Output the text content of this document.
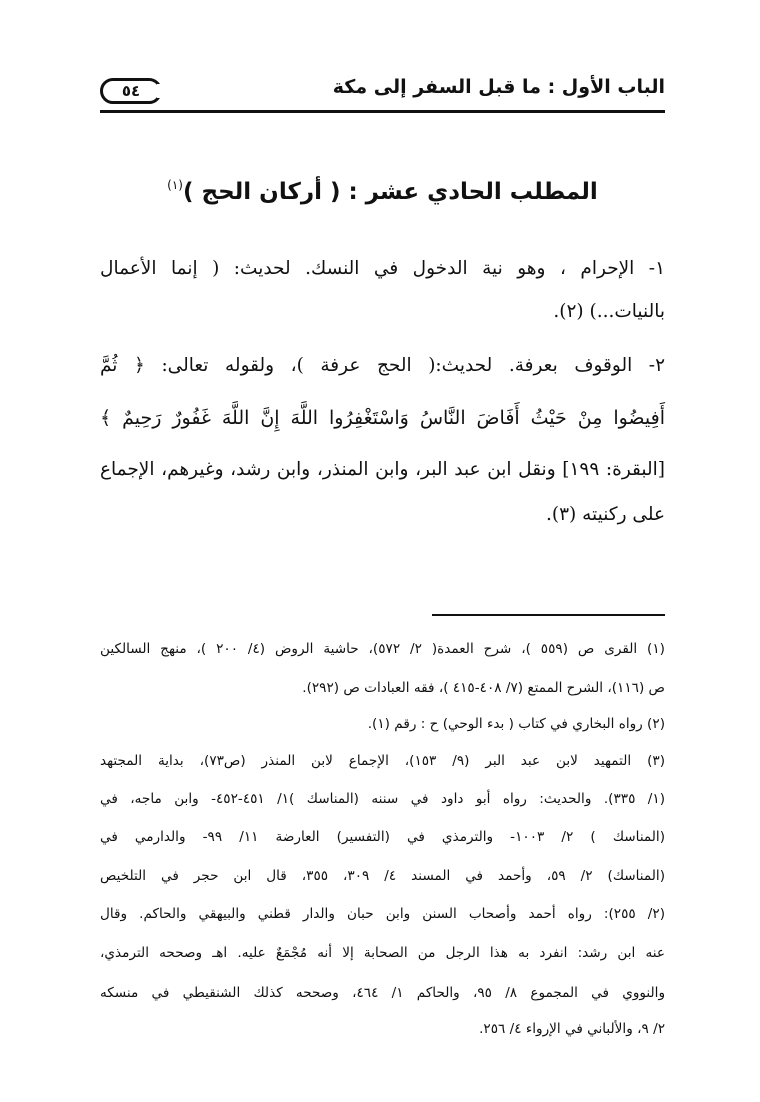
الباب الأول : ما قبل السفر إلى مكة
٥٤
المطلب الحادي عشر : ( أركان الحج )$^{(١)}$
١- الإحرام ، وهو نية الدخول في النسك. لحديث: ( إنما الأعمال
بالنيات...) (٢).
٢- الوقوف بعرفة. لحديث:( الحج عرفة )، ولقوله تعالى: ﴿ ثُمَّ
أَفِيضُوا مِنْ حَيْثُ أَفَاضَ النَّاسُ وَاسْتَغْفِرُوا اللَّهَ إِنَّ اللَّهَ غَفُورٌ رَحِيمٌ ﴾
[البقرة: ١٩٩] ونقل ابن عبد البر، وابن المنذر، وابن رشد، وغيرهم، الإجماع
على ركنيته (٣).
(١) القرى ص (٥٥٩ )، شرح العمدة( ٢/ ٥٧٢)، حاشية الروض (٤/ ٢٠٠ )، منهج السالكين
ص (١١٦)، الشرح الممتع (٧/ ٤٠٨-٤١٥ )، فقه العبادات ص (٢٩٢).
(٢) رواه البخاري في كتاب ( بدء الوحي) ح : رقم (١).
(٣) التمهيد لابن عبد البر (٩/ ١٥٣)، الإجماع لابن المنذر (ص٧٣)، بداية المجتهد
(١/ ٣٣٥). والحديث: رواه أبو داود في سننه (المناسك )١/ ٤٥١-٤٥٢- وابن ماجه، في
(المناسك ) ٢/ ١٠٠٣- والترمذي في (التفسير) العارضة ١١/ ٩٩- والدارمي في
(المناسك) ٢/ ٥٩، وأحمد في المسند ٤/ ٣٠٩، ٣٥٥، قال ابن حجر في التلخيص
(٢/ ٢٥٥): رواه أحمد وأصحاب السنن وابن حبان والدار قطني والبيهقي والحاكم. وقال
عنه ابن رشد: انفرد به هذا الرجل من الصحابة إلا أنه مُجْمَعٌ عليه. اهـ وصححه الترمذي،
والنووي في المجموع ٨/ ٩٥، والحاكم ١/ ٤٦٤، وصححه كذلك الشنقيطي في منسكه
٢/ ٩، والألباني في الإرواء ٤/ ٢٥٦.
